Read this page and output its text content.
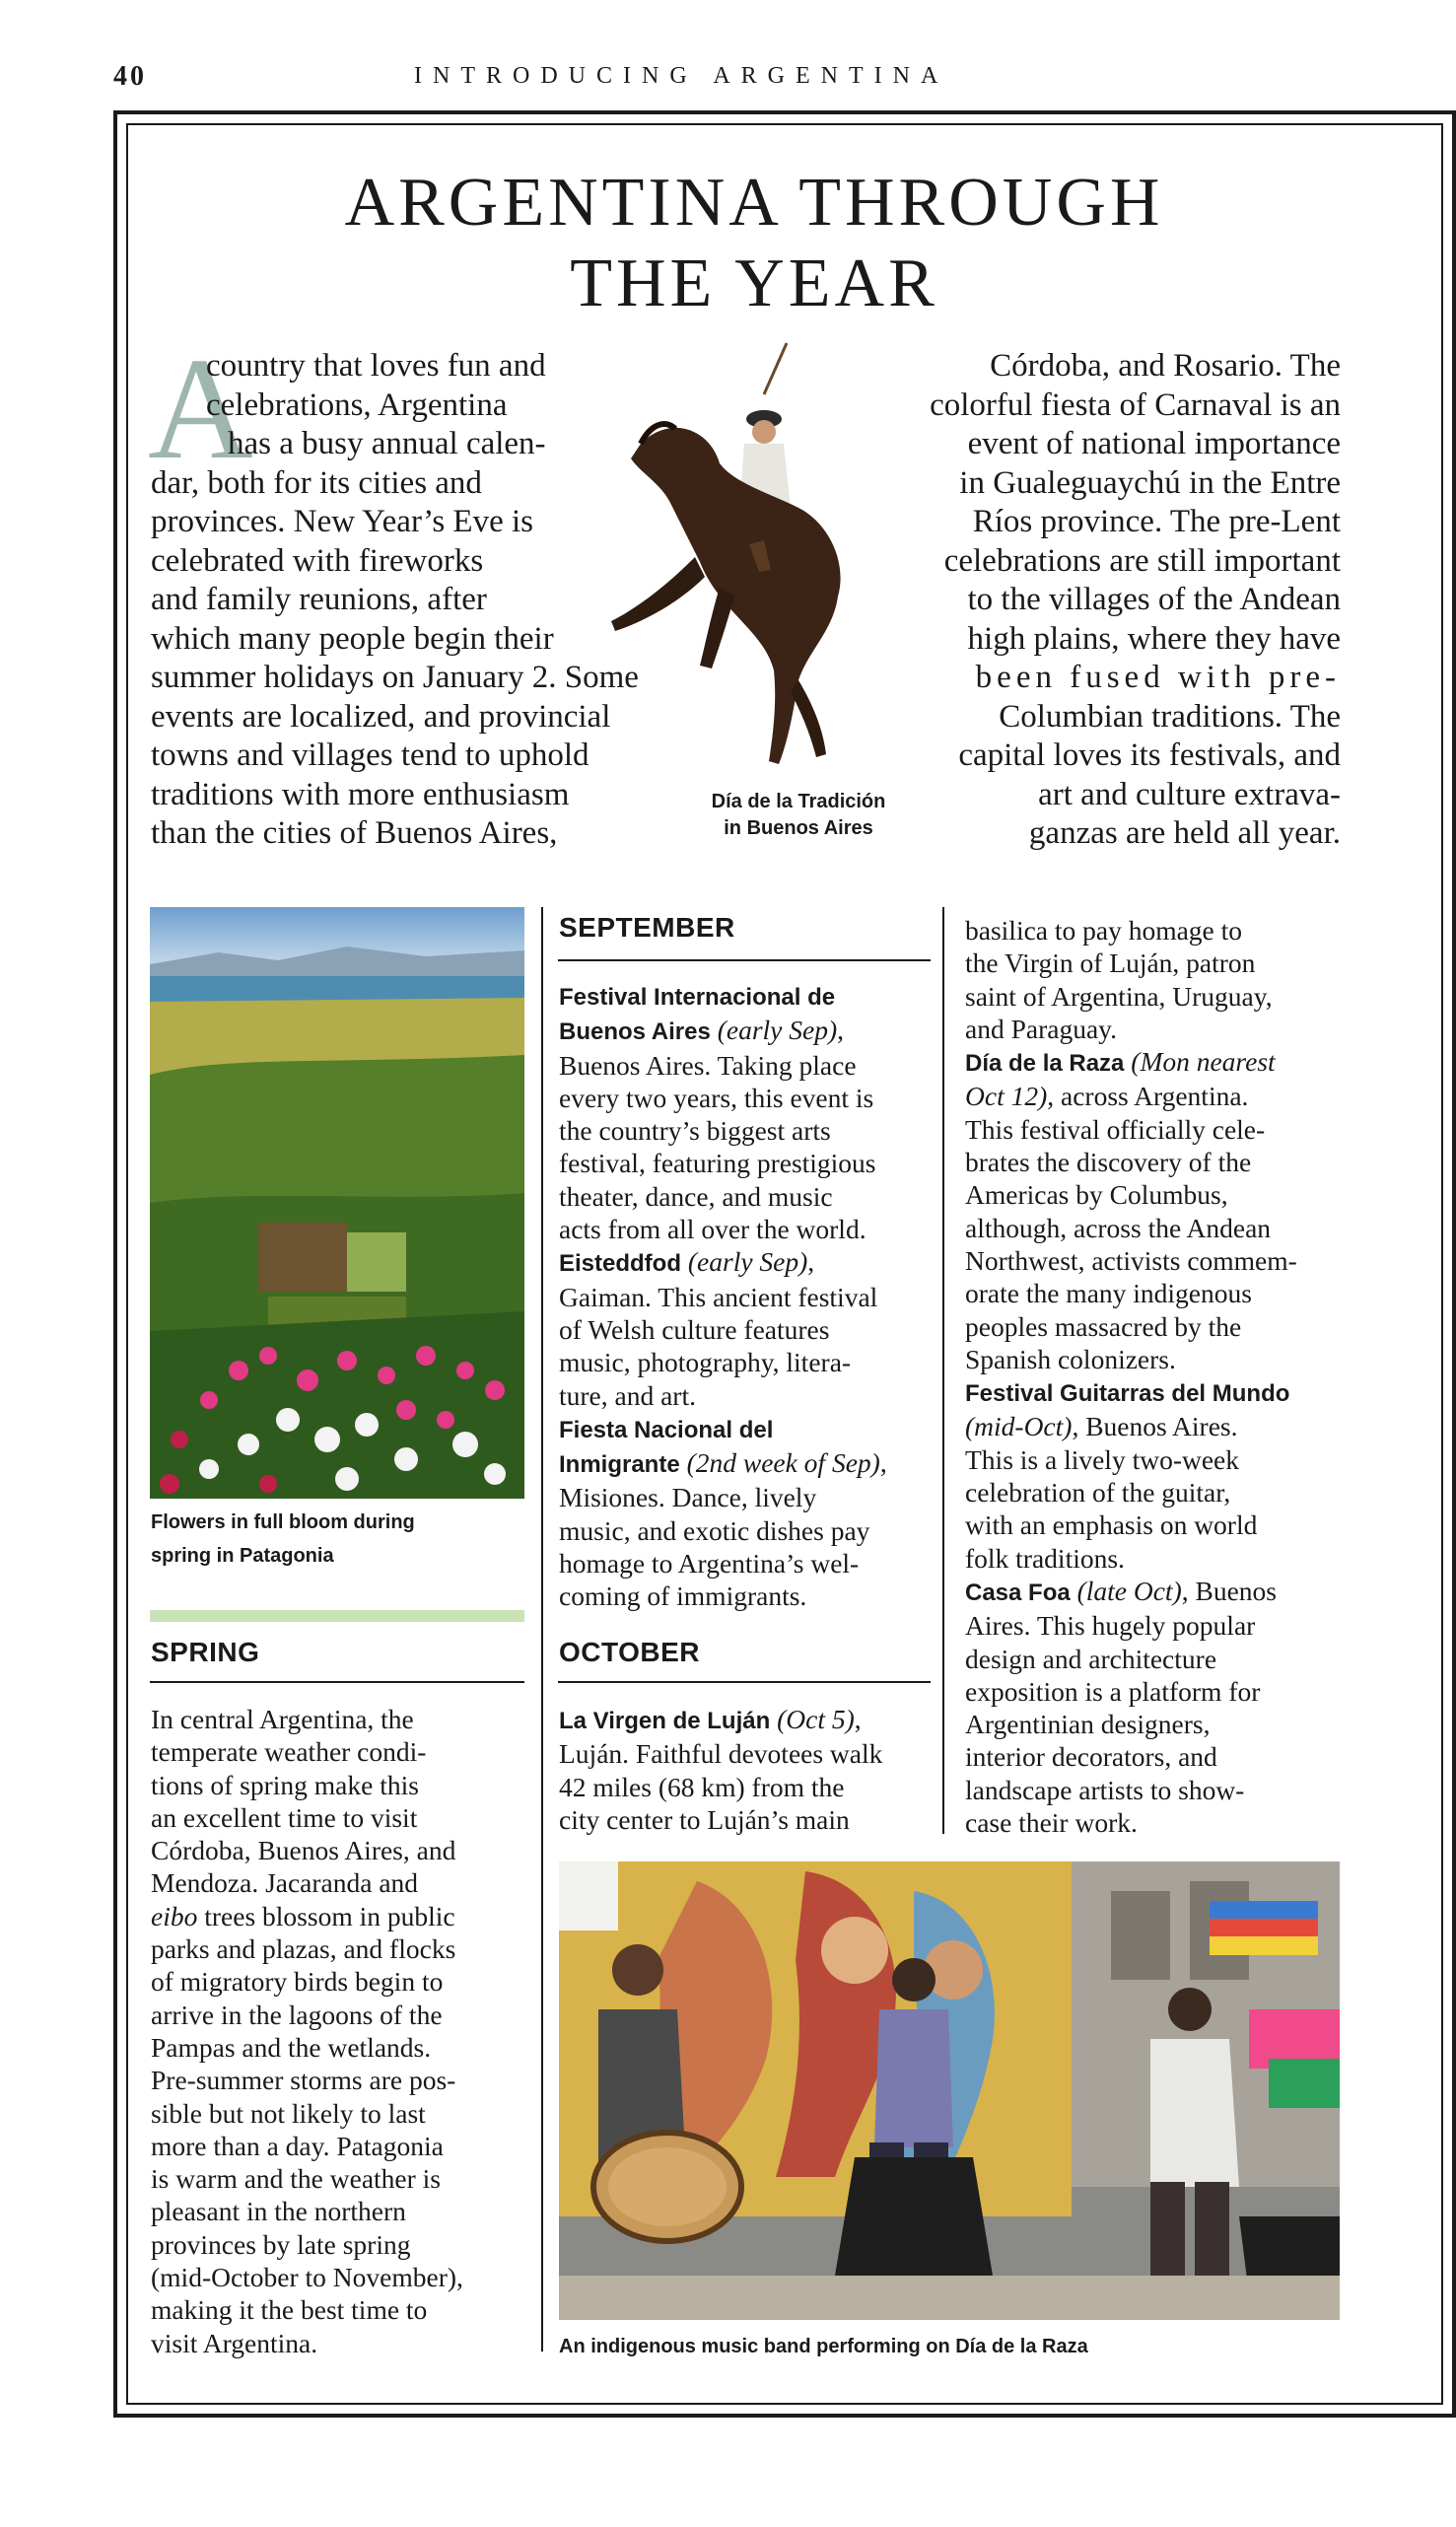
40	INTRODUCING ARGENTINA
ARGENTINA THROUGH
THE YEAR
A

country that loves fun and

celebrations, Argentina

has a busy annual calen-

dar, both for its cities and

provinces. New Year’s Eve is

celebrated with fireworks

and family reunions, after

which many people begin their

summer holidays on January 2. Some

events are localized, and provincial

towns and villages tend to uphold

traditions with more enthusiasm

than the cities of Buenos Aires,

Día de la Tradición
in Buenos Aires

Córdoba, and Rosario. The

colorful fiesta of Carnaval is an

event of national importance

in Gualeguaychú in the Entre

Ríos province. The pre-Lent

celebrations are still important

to the villages of the Andean

high plains, where they have

been fused with pre-

Columbian traditions. The

capital loves its festivals, and

art and culture extrava-

ganzas are held all year.

Flowers in full bloom during
spring in Patagonia
SPRING

In central Argentina, the

temperate weather condi-

tions of spring make this

an excellent time to visit

Córdoba, Buenos Aires, and

Mendoza. Jacaranda and

eibo trees blossom in public

parks and plazas, and flocks

of migratory birds begin to

arrive in the lagoons of the

Pampas and the wetlands.

Pre-summer storms are pos-

sible but not likely to last

more than a day. Patagonia

is warm and the weather is

pleasant in the northern

provinces by late spring

(mid-October to November),

making it the best time to

visit Argentina.

SEPTEMBER

Festival Internacional de

Buenos Aires (early Sep),

Buenos Aires. Taking place

every two years, this event is

the country’s biggest arts

festival, featuring prestigious

theater, dance, and music

acts from all over the world.

Eisteddfod (early Sep),

Gaiman. This ancient festival

of Welsh culture features

music, photography, litera-

ture, and art.

Fiesta Nacional del

Inmigrante (2nd week of Sep),

Misiones. Dance, lively

music, and exotic dishes pay

homage to Argentina’s wel-

coming of immigrants.

OCTOBER

La Virgen de Luján (Oct 5),

Luján. Faithful devotees walk

42 miles (68 km) from the

city center to Luján’s main

basilica to pay homage to

the Virgin of Luján, patron

saint of Argentina, Uruguay,

and Paraguay.

Día de la Raza (Mon nearest

Oct 12), across Argentina.

This festival officially cele-

brates the discovery of the

Americas by Columbus,

although, across the Andean

Northwest, activists commem-

orate the many indigenous

peoples massacred by the

Spanish colonizers.

Festival Guitarras del Mundo

(mid-Oct), Buenos Aires.

This is a lively two-week

celebration of the guitar,

with an emphasis on world

folk traditions.

Casa Foa (late Oct), Buenos

Aires. This hugely popular

design and architecture

exposition is a platform for

Argentinian designers,

interior decorators, and

landscape artists to show-

case their work.

An indigenous music band performing on Día de la Raza
